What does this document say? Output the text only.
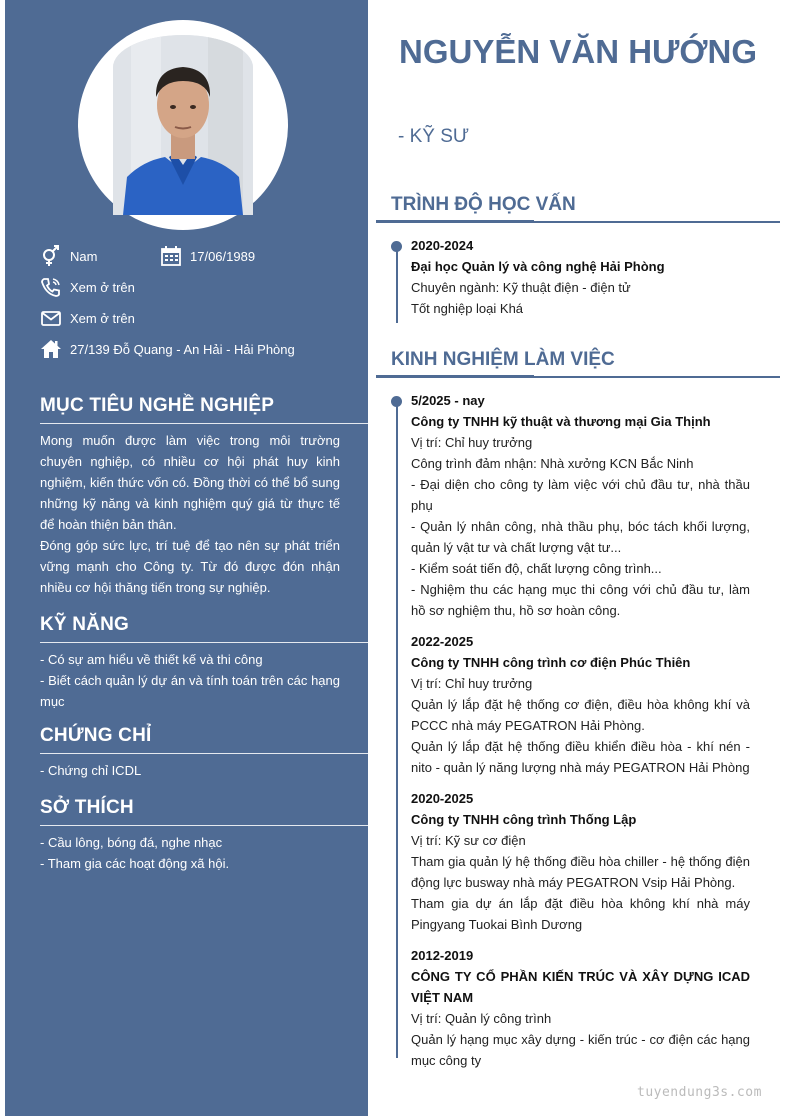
Nam	17/06/1989
Xem ở trên
Xem ở trên
27/139 Đỗ Quang - An Hải - Hải Phòng
MỤC TIÊU NGHỀ NGHIỆP
Mong muốn được làm việc trong môi trường chuyên nghiệp, có nhiều cơ hội phát huy kinh nghiệm, kiến thức vốn có. Đồng thời có thể bổ sung những kỹ năng và kinh nghiệm quý giá từ thực tế để hoàn thiện bản thân.
Đóng góp sức lực, trí tuệ để tạo nên sự phát triển vững mạnh cho Công ty. Từ đó được đón nhận nhiều cơ hội thăng tiến trong sự nghiệp.
KỸ NĂNG
- Có sự am hiểu về thiết kế và thi công
- Biết cách quản lý dự án và tính toán trên các hạng mục
CHỨNG CHỈ
- Chứng chỉ ICDL
SỞ THÍCH
- Cầu lông, bóng đá, nghe nhạc
- Tham gia các hoạt động xã hội.
NGUYỄN VĂN HƯỚNG
- KỸ SƯ
TRÌNH ĐỘ HỌC VẤN
2020-2024
Đại học Quản lý và công nghệ Hải Phòng
Chuyên ngành: Kỹ thuật điện - điện tử
Tốt nghiệp loại Khá
KINH NGHIỆM LÀM VIỆC
5/2025 - nay
Công ty TNHH kỹ thuật và thương mại Gia Thịnh
Vị trí: Chỉ huy trưởng
Công trình đảm nhận: Nhà xưởng KCN Bắc Ninh
- Đại diện cho công ty làm việc với chủ đầu tư, nhà thầu phụ
- Quản lý nhân công, nhà thầu phụ, bóc tách khối lượng, quản lý vật tư và chất lượng vật tư...
- Kiểm soát tiến độ, chất lượng công trình...
- Nghiệm thu các hạng mục thi công với chủ đầu tư, làm hồ sơ nghiệm thu, hồ sơ hoàn công.
2022-2025
Công ty TNHH công trình cơ điện Phúc Thiên
Vị trí: Chỉ huy trưởng
Quản lý lắp đặt hệ thống cơ điện, điều hòa không khí và PCCC nhà máy PEGATRON Hải Phòng.
Quản lý lắp đặt hệ thống điều khiển điều hòa - khí nén - nito - quản lý năng lượng nhà máy PEGATRON Hải Phòng
2020-2025
Công ty TNHH công trình Thống Lập
Vị trí: Kỹ sư cơ điện
Tham gia quản lý hệ thống điều hòa chiller - hệ thống điện động lực busway nhà máy PEGATRON Vsip Hải Phòng.
Tham gia dự án lắp đặt điều hòa không khí nhà máy Pingyang Tuokai Bình Dương
2012-2019
CÔNG TY CỔ PHẦN KIẾN TRÚC VÀ XÂY DỰNG ICAD VIỆT NAM
Vị trí: Quản lý công trình
Quản lý hạng mục xây dựng - kiến trúc - cơ điện các hạng mục công ty
tuyendung3s.com
